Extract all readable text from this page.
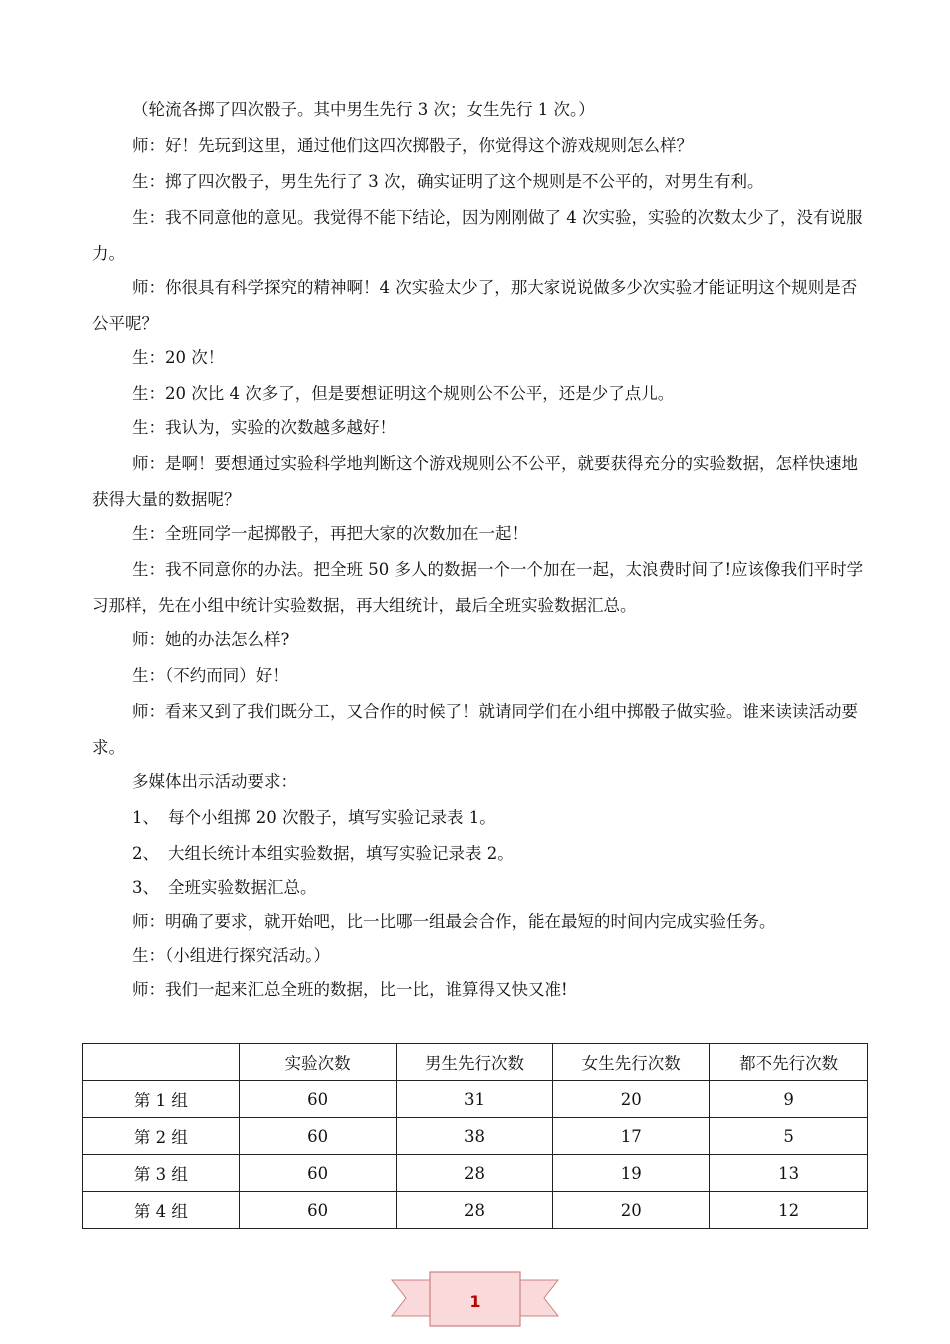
（轮流各掷了四次骰子。其中男生先行 3 次；女生先行 1 次。）

师：好！先玩到这里，通过他们这四次掷骰子，你觉得这个游戏规则怎么样？

生：掷了四次骰子，男生先行了 3 次，确实证明了这个规则是不公平的，对男生有利。

生：我不同意他的意见。我觉得不能下结论，因为刚刚做了 4 次实验，实验的次数太少了，没有说服力。

师：你很具有科学探究的精神啊！4 次实验太少了，那大家说说做多少次实验才能证明这个规则是否公平呢？

生：20 次！

生：20 次比 4 次多了，但是要想证明这个规则公不公平，还是少了点儿。

生：我认为，实验的次数越多越好！

师：是啊！要想通过实验科学地判断这个游戏规则公不公平，就要获得充分的实验数据，怎样快速地获得大量的数据呢？

生：全班同学一起掷骰子，再把大家的次数加在一起！

生：我不同意你的办法。把全班 50 多人的数据一个一个加在一起，太浪费时间了!应该像我们平时学习那样，先在小组中统计实验数据，再大组统计，最后全班实验数据汇总。

师：她的办法怎么样?

生：（不约而同）好！

师：看来又到了我们既分工，又合作的时候了！就请同学们在小组中掷骰子做实验。谁来读读活动要求。

多媒体出示活动要求：

1、 每个小组掷 20 次骰子，填写实验记录表 1。

2、 大组长统计本组实验数据，填写实验记录表 2。

3、 全班实验数据汇总。

师：明确了要求，就开始吧，比一比哪一组最会合作，能在最短的时间内完成实验任务。

生：（小组进行探究活动。）

师：我们一起来汇总全班的数据，比一比，谁算得又快又准!

	实验次数	男生先行次数	女生先行次数	都不先行次数
第 1 组	60	31	20	9
第 2 组	60	38	17	5
第 3 组	60	28	19	13
第 4 组	60	28	20	12
1
